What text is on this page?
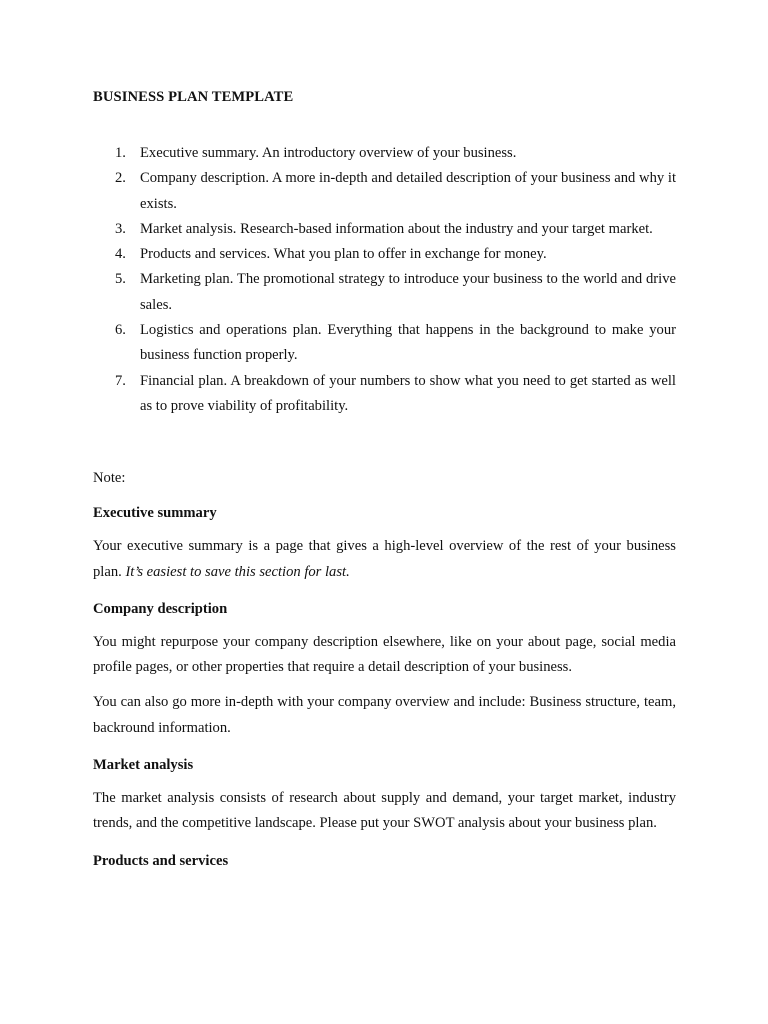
BUSINESS PLAN TEMPLATE
1. Executive summary. An introductory overview of your business.
2. Company description. A more in-depth and detailed description of your business and why it exists.
3. Market analysis. Research-based information about the industry and your target market.
4. Products and services. What you plan to offer in exchange for money.
5. Marketing plan. The promotional strategy to introduce your business to the world and drive sales.
6. Logistics and operations plan. Everything that happens in the background to make your business function properly.
7. Financial plan. A breakdown of your numbers to show what you need to get started as well as to prove viability of profitability.

Note:

Executive summary

Your executive summary is a page that gives a high-level overview of the rest of your business plan. It’s easiest to save this section for last.

Company description

You might repurpose your company description elsewhere, like on your about page, social media profile pages, or other properties that require a detail description of your business.

You can also go more in-depth with your company overview and include: Business structure, team, backround information.

Market analysis

The market analysis consists of research about supply and demand, your target market, industry trends, and the competitive landscape. Please put your SWOT analysis about your business plan.

Products and services
